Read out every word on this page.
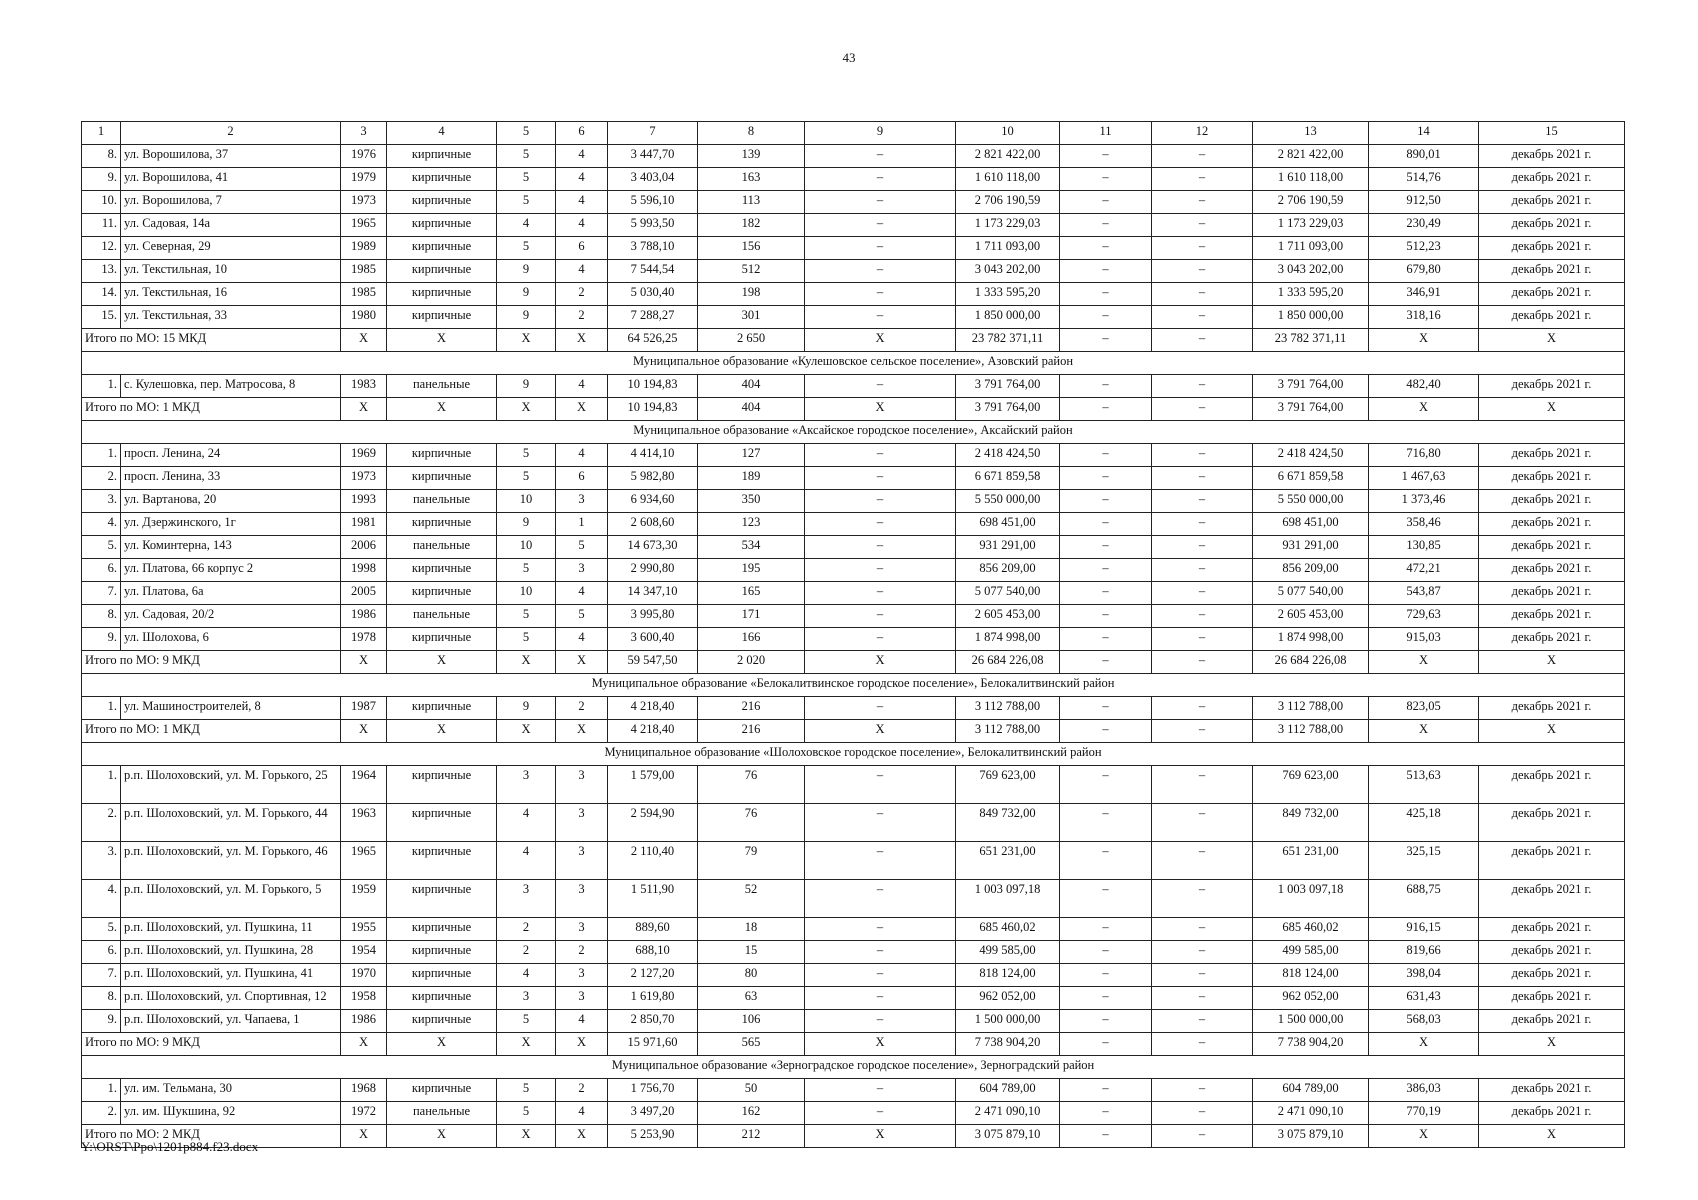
43
1	2	3	4	5	6	7	8	9	10	11	12	13	14	15
8.	ул. Ворошилова, 37	1976	кирпичные	5	4	3 447,70	139	–	2 821 422,00	–	–	2 821 422,00	890,01	декабрь 2021 г.
9.	ул. Ворошилова, 41	1979	кирпичные	5	4	3 403,04	163	–	1 610 118,00	–	–	1 610 118,00	514,76	декабрь 2021 г.
10.	ул. Ворошилова, 7	1973	кирпичные	5	4	5 596,10	113	–	2 706 190,59	–	–	2 706 190,59	912,50	декабрь 2021 г.
11.	ул. Садовая, 14а	1965	кирпичные	4	4	5 993,50	182	–	1 173 229,03	–	–	1 173 229,03	230,49	декабрь 2021 г.
12.	ул. Северная, 29	1989	кирпичные	5	6	3 788,10	156	–	1 711 093,00	–	–	1 711 093,00	512,23	декабрь 2021 г.
13.	ул. Текстильная, 10	1985	кирпичные	9	4	7 544,54	512	–	3 043 202,00	–	–	3 043 202,00	679,80	декабрь 2021 г.
14.	ул. Текстильная, 16	1985	кирпичные	9	2	5 030,40	198	–	1 333 595,20	–	–	1 333 595,20	346,91	декабрь 2021 г.
15.	ул. Текстильная, 33	1980	кирпичные	9	2	7 288,27	301	–	1 850 000,00	–	–	1 850 000,00	318,16	декабрь 2021 г.
Итого по МО: 15 МКД		Х	Х	Х	Х	64 526,25	2 650	Х	23 782 371,11	–	–	23 782 371,11	Х	Х
Муниципальное образование «Кулешовское сельское поселение», Азовский район														
1.	с. Кулешовка, пер. Матросова, 8	1983	панельные	9	4	10 194,83	404	–	3 791 764,00	–	–	3 791 764,00	482,40	декабрь 2021 г.
Итого по МО: 1 МКД		Х	Х	Х	Х	10 194,83	404	Х	3 791 764,00	–	–	3 791 764,00	Х	Х
Муниципальное образование «Аксайское городское поселение», Аксайский район														
1.	просп. Ленина, 24	1969	кирпичные	5	4	4 414,10	127	–	2 418 424,50	–	–	2 418 424,50	716,80	декабрь 2021 г.
2.	просп. Ленина, 33	1973	кирпичные	5	6	5 982,80	189	–	6 671 859,58	–	–	6 671 859,58	1 467,63	декабрь 2021 г.
3.	ул. Вартанова, 20	1993	панельные	10	3	6 934,60	350	–	5 550 000,00	–	–	5 550 000,00	1 373,46	декабрь 2021 г.
4.	ул. Дзержинского, 1г	1981	кирпичные	9	1	2 608,60	123	–	698 451,00	–	–	698 451,00	358,46	декабрь 2021 г.
5.	ул. Коминтерна, 143	2006	панельные	10	5	14 673,30	534	–	931 291,00	–	–	931 291,00	130,85	декабрь 2021 г.
6.	ул. Платова, 66 корпус 2	1998	кирпичные	5	3	2 990,80	195	–	856 209,00	–	–	856 209,00	472,21	декабрь 2021 г.
7.	ул. Платова, 6а	2005	кирпичные	10	4	14 347,10	165	–	5 077 540,00	–	–	5 077 540,00	543,87	декабрь 2021 г.
8.	ул. Садовая, 20/2	1986	панельные	5	5	3 995,80	171	–	2 605 453,00	–	–	2 605 453,00	729,63	декабрь 2021 г.
9.	ул. Шолохова, 6	1978	кирпичные	5	4	3 600,40	166	–	1 874 998,00	–	–	1 874 998,00	915,03	декабрь 2021 г.
Итого по МО: 9 МКД		Х	Х	Х	Х	59 547,50	2 020	Х	26 684 226,08	–	–	26 684 226,08	Х	Х
Муниципальное образование «Белокалитвинское городское поселение», Белокалитвинский район														
1.	ул. Машиностроителей, 8	1987	кирпичные	9	2	4 218,40	216	–	3 112 788,00	–	–	3 112 788,00	823,05	декабрь 2021 г.
Итого по МО: 1 МКД		Х	Х	Х	Х	4 218,40	216	Х	3 112 788,00	–	–	3 112 788,00	Х	Х
Муниципальное образование «Шолоховское городское поселение», Белокалитвинский район														
1.	р.п. Шолоховский, ул. М. Горького, 25	1964	кирпичные	3	3	1 579,00	76	–	769 623,00	–	–	769 623,00	513,63	декабрь 2021 г.
2.	р.п. Шолоховский, ул. М. Горького, 44	1963	кирпичные	4	3	2 594,90	76	–	849 732,00	–	–	849 732,00	425,18	декабрь 2021 г.
3.	р.п. Шолоховский, ул. М. Горького, 46	1965	кирпичные	4	3	2 110,40	79	–	651 231,00	–	–	651 231,00	325,15	декабрь 2021 г.
4.	р.п. Шолоховский, ул. М. Горького, 5	1959	кирпичные	3	3	1 511,90	52	–	1 003 097,18	–	–	1 003 097,18	688,75	декабрь 2021 г.
5.	р.п. Шолоховский, ул. Пушкина, 11	1955	кирпичные	2	3	889,60	18	–	685 460,02	–	–	685 460,02	916,15	декабрь 2021 г.
6.	р.п. Шолоховский, ул. Пушкина, 28	1954	кирпичные	2	2	688,10	15	–	499 585,00	–	–	499 585,00	819,66	декабрь 2021 г.
7.	р.п. Шолоховский, ул. Пушкина, 41	1970	кирпичные	4	3	2 127,20	80	–	818 124,00	–	–	818 124,00	398,04	декабрь 2021 г.
8.	р.п. Шолоховский, ул. Спортивная, 12	1958	кирпичные	3	3	1 619,80	63	–	962 052,00	–	–	962 052,00	631,43	декабрь 2021 г.
9.	р.п. Шолоховский, ул. Чапаева, 1	1986	кирпичные	5	4	2 850,70	106	–	1 500 000,00	–	–	1 500 000,00	568,03	декабрь 2021 г.
Итого по МО: 9 МКД		Х	Х	Х	Х	15 971,60	565	Х	7 738 904,20	–	–	7 738 904,20	Х	Х
Муниципальное образование «Зерноградское городское поселение», Зерноградский район														
1.	ул. им. Тельмана, 30	1968	кирпичные	5	2	1 756,70	50	–	604 789,00	–	–	604 789,00	386,03	декабрь 2021 г.
2.	ул. им. Шукшина, 92	1972	панельные	5	4	3 497,20	162	–	2 471 090,10	–	–	2 471 090,10	770,19	декабрь 2021 г.
Итого по МО: 2 МКД		Х	Х	Х	Х	5 253,90	212	Х	3 075 879,10	–	–	3 075 879,10	Х	Х
Y:\ORST\Ppo\1201p884.f23.docx
